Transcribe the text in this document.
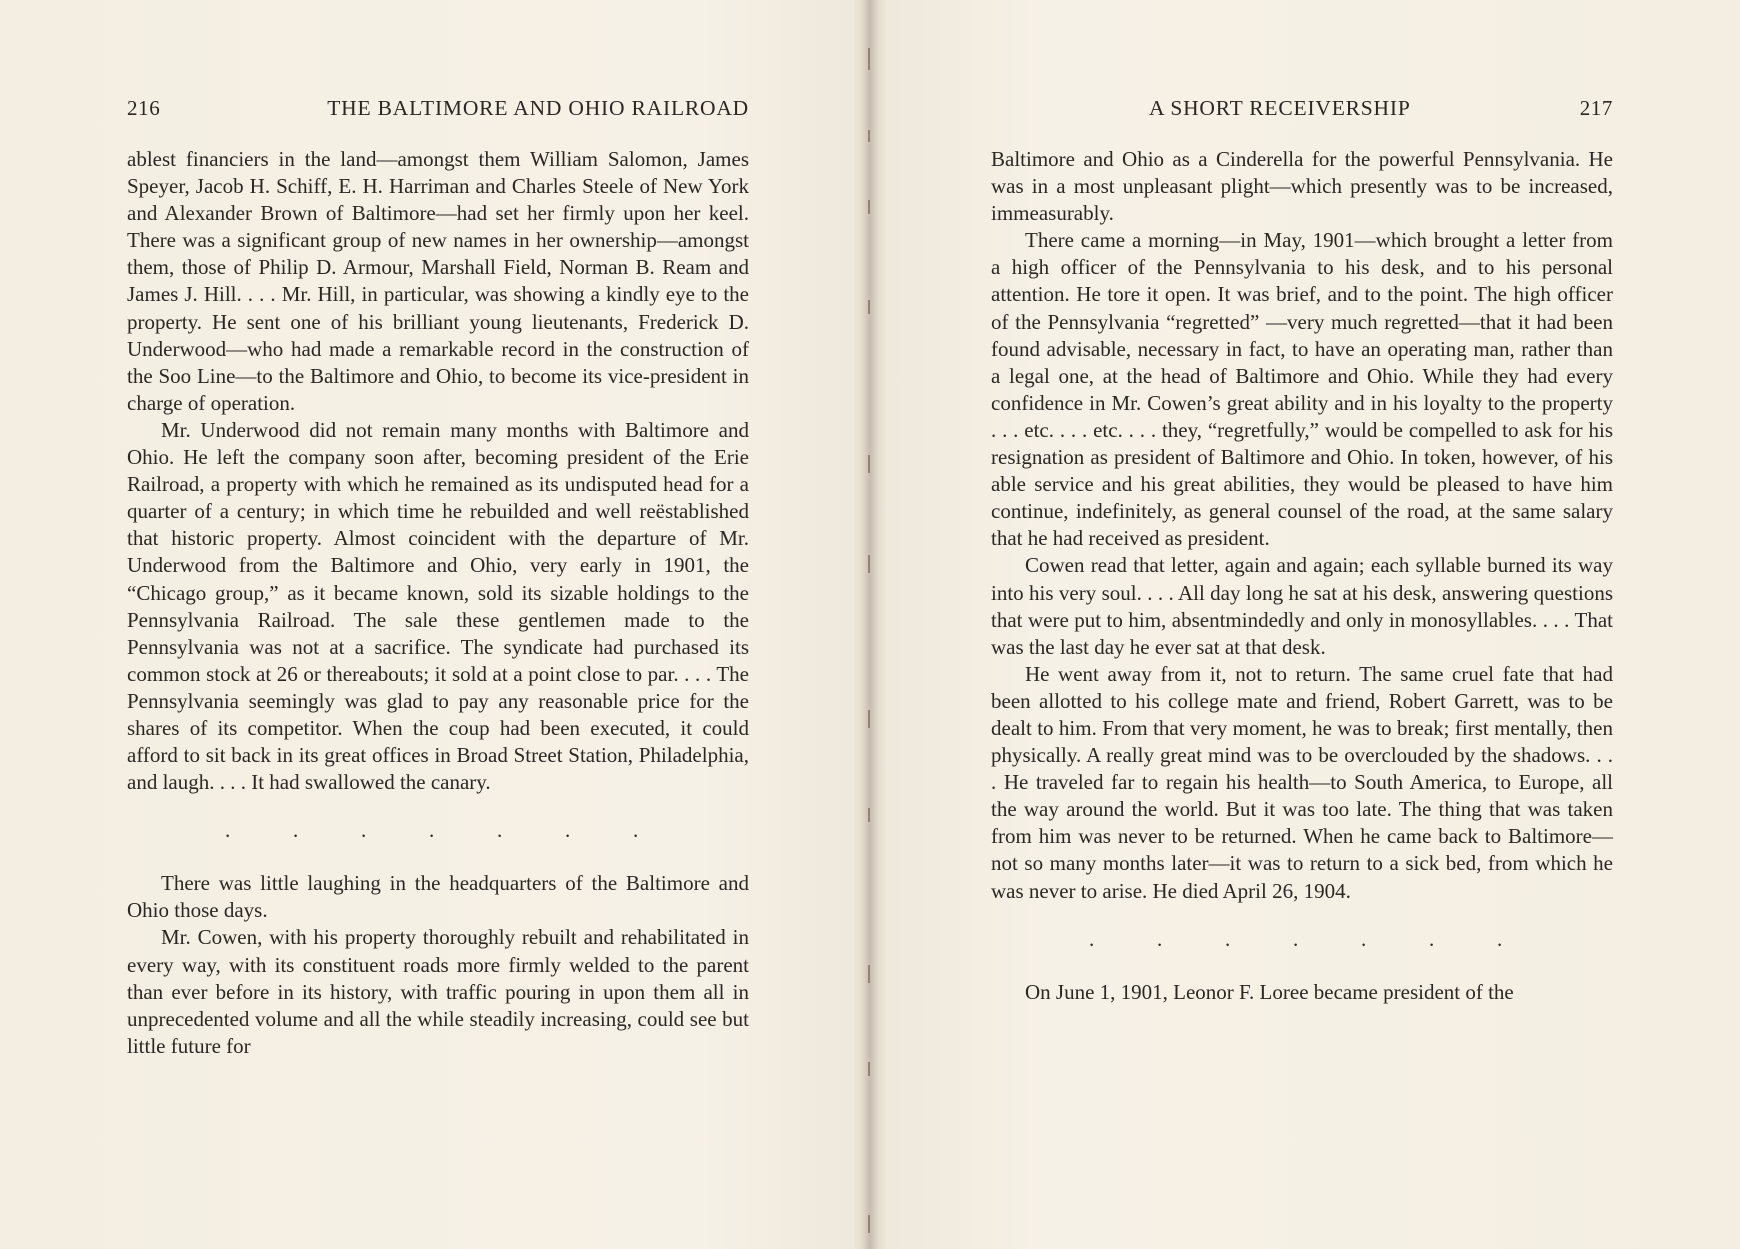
216	THE BALTIMORE AND OHIO RAILROAD

ablest financiers in the land—amongst them William Salomon, James Speyer, Jacob H. Schiff, E. H. Harriman and Charles Steele of New York and Alexander Brown of Baltimore—had set her firmly upon her keel. There was a significant group of new names in her ownership—amongst them, those of Philip D. Armour, Marshall Field, Norman B. Ream and James J. Hill. . . . Mr. Hill, in particular, was showing a kindly eye to the property. He sent one of his brilliant young lieutenants, Frederick D. Underwood—who had made a remarkable record in the construction of the Soo Line—to the Baltimore and Ohio, to become its vice-president in charge of operation.

Mr. Underwood did not remain many months with Baltimore and Ohio. He left the company soon after, becoming president of the Erie Railroad, a property with which he remained as its undisputed head for a quarter of a century; in which time he rebuilded and well reëstablished that historic property. Almost coincident with the departure of Mr. Underwood from the Baltimore and Ohio, very early in 1901, the “Chicago group,” as it became known, sold its sizable holdings to the Pennsylvania Railroad. The sale these gentlemen made to the Pennsylvania was not at a sacrifice. The syndicate had purchased its common stock at 26 or thereabouts; it sold at a point close to par. . . . The Pennsylvania seemingly was glad to pay any reasonable price for the shares of its competitor. When the coup had been executed, it could afford to sit back in its great offices in Broad Street Station, Philadelphia, and laugh. . . . It had swallowed the canary.

.	.	.	.	.	.	.

There was little laughing in the headquarters of the Baltimore and Ohio those days.

Mr. Cowen, with his property thoroughly rebuilt and rehabilitated in every way, with its constituent roads more firmly welded to the parent than ever before in its history, with traffic pouring in upon them all in unprecedented volume and all the while steadily increasing, could see but little future for

A SHORT RECEIVERSHIP	217

Baltimore and Ohio as a Cinderella for the powerful Pennsylvania. He was in a most unpleasant plight—which presently was to be increased, immeasurably.

There came a morning—in May, 1901—which brought a letter from a high officer of the Pennsylvania to his desk, and to his personal attention. He tore it open. It was brief, and to the point. The high officer of the Pennsylvania “regretted” —very much regretted—that it had been found advisable, necessary in fact, to have an operating man, rather than a legal one, at the head of Baltimore and Ohio. While they had every confidence in Mr. Cowen’s great ability and in his loyalty to the property . . . etc. . . . etc. . . . they, “regretfully,” would be compelled to ask for his resignation as president of Baltimore and Ohio. In token, however, of his able service and his great abilities, they would be pleased to have him continue, indefinitely, as general counsel of the road, at the same salary that he had received as president.

Cowen read that letter, again and again; each syllable burned its way into his very soul. . . . All day long he sat at his desk, answering questions that were put to him, absentmindedly and only in monosyllables. . . . That was the last day he ever sat at that desk.

He went away from it, not to return. The same cruel fate that had been allotted to his college mate and friend, Robert Garrett, was to be dealt to him. From that very moment, he was to break; first mentally, then physically. A really great mind was to be overclouded by the shadows. . . . He traveled far to regain his health—to South America, to Europe, all the way around the world. But it was too late. The thing that was taken from him was never to be returned. When he came back to Baltimore—not so many months later—it was to return to a sick bed, from which he was never to arise. He died April 26, 1904.

.	.	.	.	.	.	.

On June 1, 1901, Leonor F. Loree became president of the
